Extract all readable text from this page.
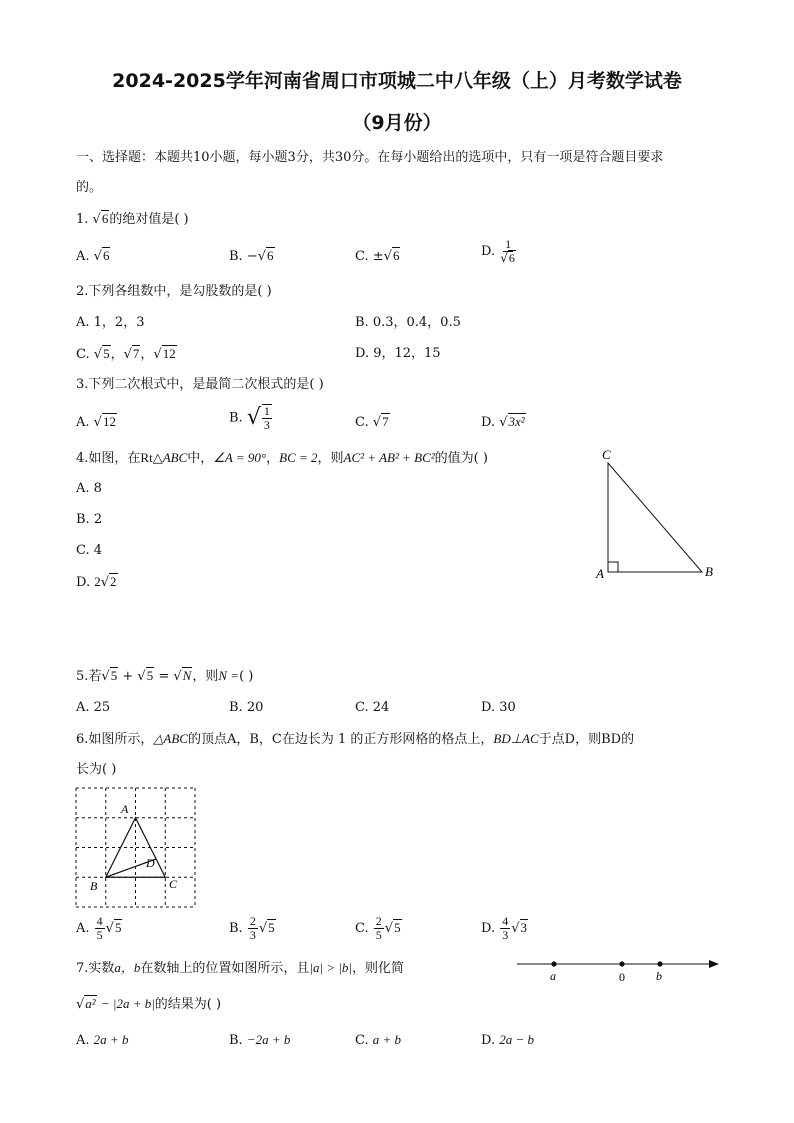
2024-2025学年河南省周口市项城二中八年级（上）月考数学试卷
（9月份）
一、选择题：本题共10小题，每小题3分，共30分。在每小题给出的选项中，只有一项是符合题目要求
的。
1. √6的绝对值是( )
A. √6	B. −√6	C. ±√6	D. $\frac{1}{√6}$
2.下列各组数中，是勾股数的是( )
A. 1，2，3	B. 0.3，0.4，0.5
C. √5，√7，√12	D. 9，12，15
3.下列二次根式中，是最简二次根式的是( )
A. √12	B. √ $\frac{1}{3}$	C. √7	D. √3x²
4.如图，在Rt△ABC中，∠A = 90°，BC = 2，则AC² + AB² + BC²的值为( )
A. 8
B. 2
C. 4
D. 2√2
C
A	B
5.若√5 + √5 = √N，则N =( )
A. 25	B. 20	C. 24	D. 30
6.如图所示，△ABC的顶点A，B，C在边长为 1 的正方形网格的格点上，BD⊥AC于点D，则BD的
长为( )
A
B	C
D
A. $\frac{4}{5} √5$	B. $\frac{2}{3} √5$	C. $\frac{2}{5} √5$	D. $\frac{4}{3} √3$
7.实数a，b在数轴上的位置如图所示，且|a| > |b|，则化简
√a² − |2a + b|的结果为( )
a	0	b
A. 2a + b	B. −2a + b	C. a + b	D. 2a − b
